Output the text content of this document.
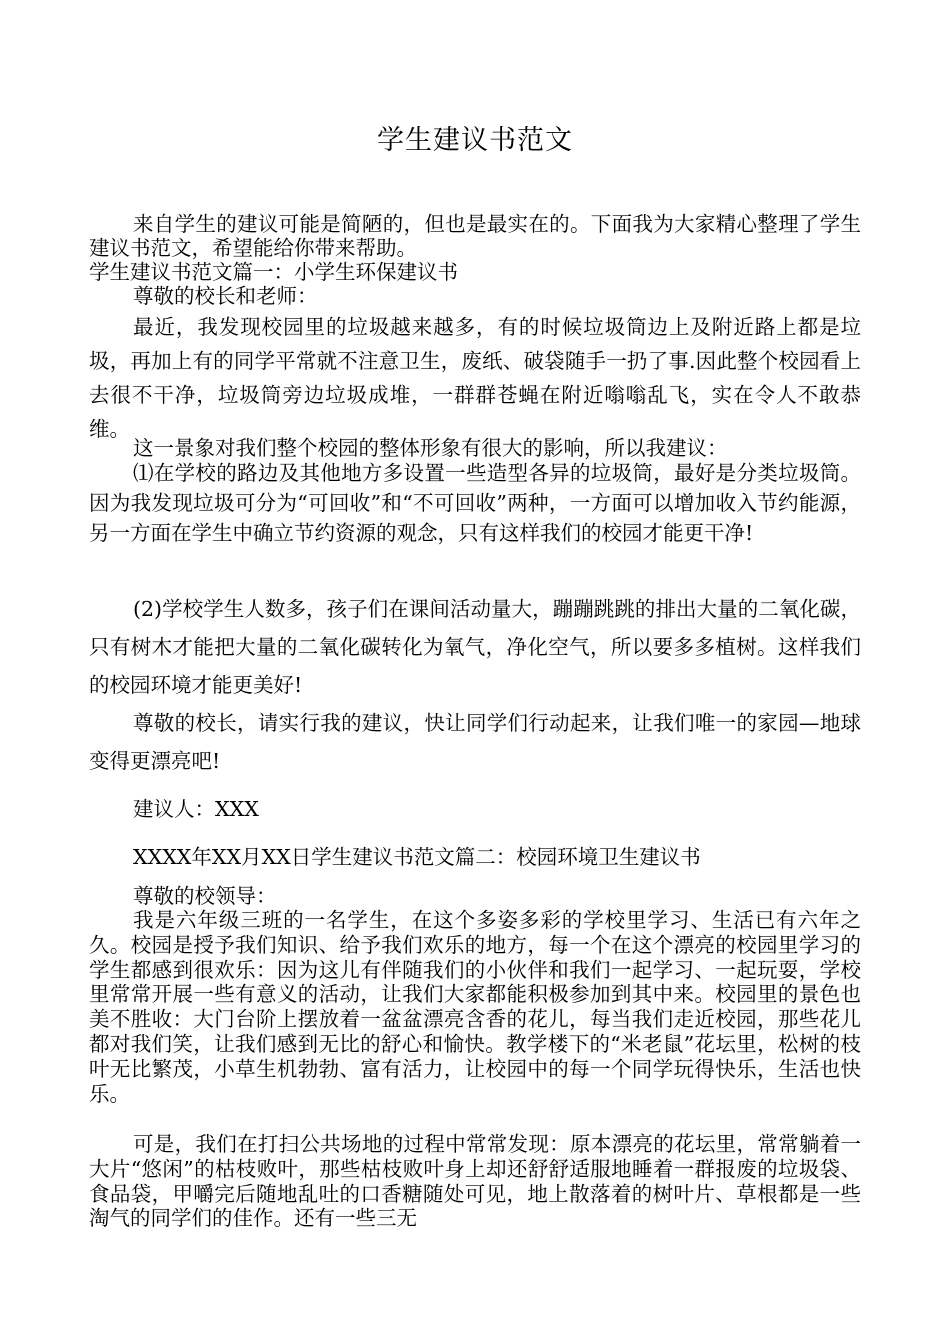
学生建议书范文

来自学生的建议可能是简陋的，但也是最实在的。下面我为大家精心整理了学生建议书范文，希望能给你带来帮助。

学生建议书范文篇一：小学生环保建议书

尊敬的校长和老师：

最近，我发现校园里的垃圾越来越多，有的时候垃圾筒边上及附近路上都是垃圾，再加上有的同学平常就不注意卫生，废纸、破袋随手一扔了事.因此整个校园看上去很不干净，垃圾筒旁边垃圾成堆，一群群苍蝇在附近嗡嗡乱飞，实在令人不敢恭维。

这一景象对我们整个校园的整体形象有很大的影响，所以我建议：

⑴在学校的路边及其他地方多设置一些造型各异的垃圾筒，最好是分类垃圾筒。因为我发现垃圾可分为“可回收”和“不可回收”两种，一方面可以增加收入节约能源，另一方面在学生中确立节约资源的观念，只有这样我们的校园才能更干净!

(2)学校学生人数多，孩子们在课间活动量大，蹦蹦跳跳的排出大量的二氧化碳，只有树木才能把大量的二氧化碳转化为氧气，净化空气，所以要多多植树。这样我们的校园环境才能更美好!

尊敬的校长，请实行我的建议，快让同学们行动起来，让我们唯一的家园—地球变得更漂亮吧!

建议人：XXX

XXXX年XX月XX日学生建议书范文篇二：校园环境卫生建议书

尊敬的校领导：

我是六年级三班的一名学生，在这个多姿多彩的学校里学习、生活已有六年之久。校园是授予我们知识、给予我们欢乐的地方，每一个在这个漂亮的校园里学习的学生都感到很欢乐：因为这儿有伴随我们的小伙伴和我们一起学习、一起玩耍，学校里常常开展一些有意义的活动，让我们大家都能积极参加到其中来。校园里的景色也美不胜收：大门台阶上摆放着一盆盆漂亮含香的花儿，每当我们走近校园，那些花儿都对我们笑，让我们感到无比的舒心和愉快。教学楼下的“米老鼠”花坛里，松树的枝叶无比繁茂，小草生机勃勃、富有活力，让校园中的每一个同学玩得快乐，生活也快乐。

可是，我们在打扫公共场地的过程中常常发现：原本漂亮的花坛里，常常躺着一大片“悠闲”的枯枝败叶，那些枯枝败叶身上却还舒舒适服地睡着一群报废的垃圾袋、食品袋，甲嚼完后随地乱吐的口香糖随处可见，地上散落着的树叶片、草根都是一些淘气的同学们的佳作。还有一些三无
